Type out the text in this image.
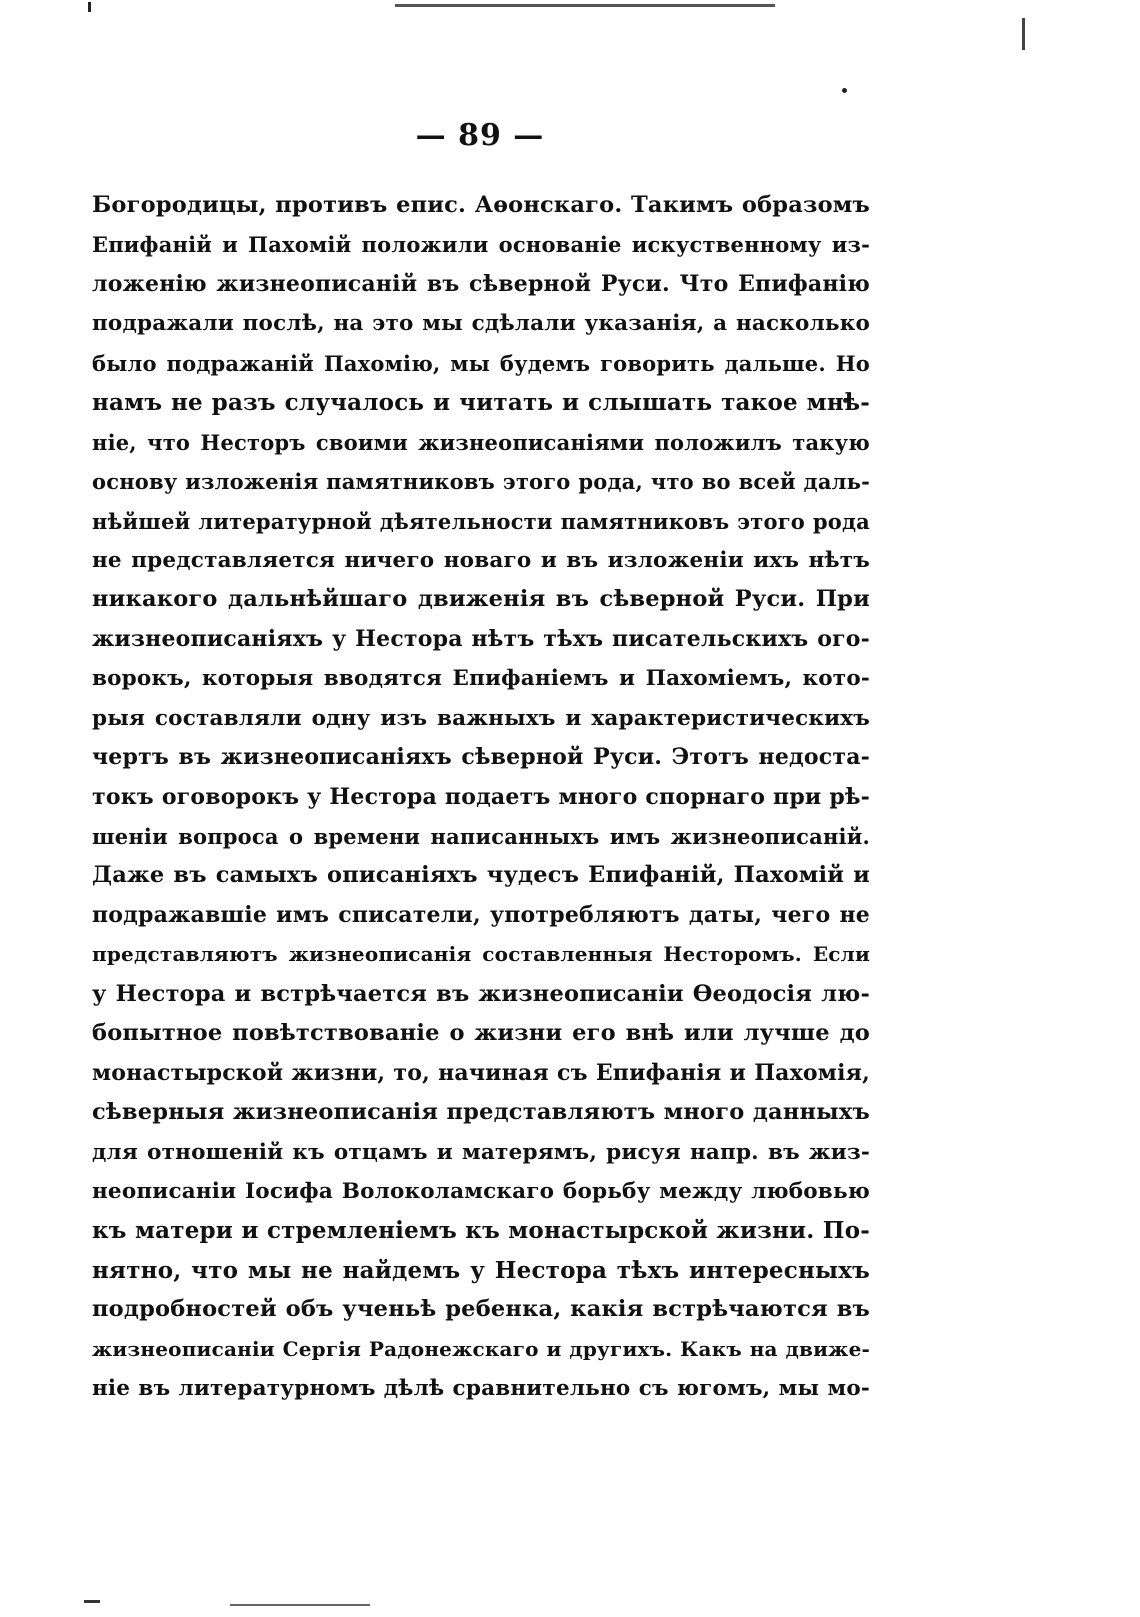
— 89 —
Богородицы, противъ епис. Аѳонскаго. Такимъ образомъ
Епифаній и Пахомій положили основаніе искуственному из-
ложенію жизнеописаній въ сѣверной Руси. Что Епифанію
подражали послѣ, на это мы сдѣлали указанія, а насколько
было подражаній Пахомію, мы будемъ говорить дальше. Но
намъ не разъ случалось и читать и слышать такое мнѣ-
ніе, что Несторъ своими жизнеописаніями положилъ такую
основу изложенія памятниковъ этого рода, что во всей даль-
нѣйшей литературной дѣятельности памятниковъ этого рода
не представляется ничего новаго и въ изложеніи ихъ нѣтъ
никакого дальнѣйшаго движенія въ сѣверной Руси. При
жизнеописаніяхъ у Нестора нѣтъ тѣхъ писательскихъ ого-
ворокъ, которыя вводятся Епифаніемъ и Пахоміемъ, кото-
рыя составляли одну изъ важныхъ и характеристическихъ
чертъ въ жизнеописаніяхъ сѣверной Руси. Этотъ недоста-
токъ оговорокъ у Нестора подаетъ много спорнаго при рѣ-
шеніи вопроса о времени написанныхъ имъ жизнеописаній.
Даже въ самыхъ описаніяхъ чудесъ Епифаній, Пахомій и
подражавшіе имъ списатели, употребляютъ даты, чего не
представляютъ жизнеописанія составленныя Несторомъ. Если
у Нестора и встрѣчается въ жизнеописаніи Ѳеодосія лю-
бопытное повѣтствованіе о жизни его внѣ или лучше до
монастырской жизни, то, начиная съ Епифанія и Пахомія,
сѣверныя жизнеописанія представляютъ много данныхъ
для отношеній къ отцамъ и матерямъ, рисуя напр. въ жиз-
неописаніи Іосифа Волоколамскаго борьбу между любовью
къ матери и стремленіемъ къ монастырской жизни. По-
нятно, что мы не найдемъ у Нестора тѣхъ интересныхъ
подробностей объ ученьѣ ребенка, какія встрѣчаются въ
жизнеописаніи Сергія Радонежскаго и другихъ. Какъ на движе-
ніе въ литературномъ дѣлѣ сравнительно съ югомъ, мы мо-
